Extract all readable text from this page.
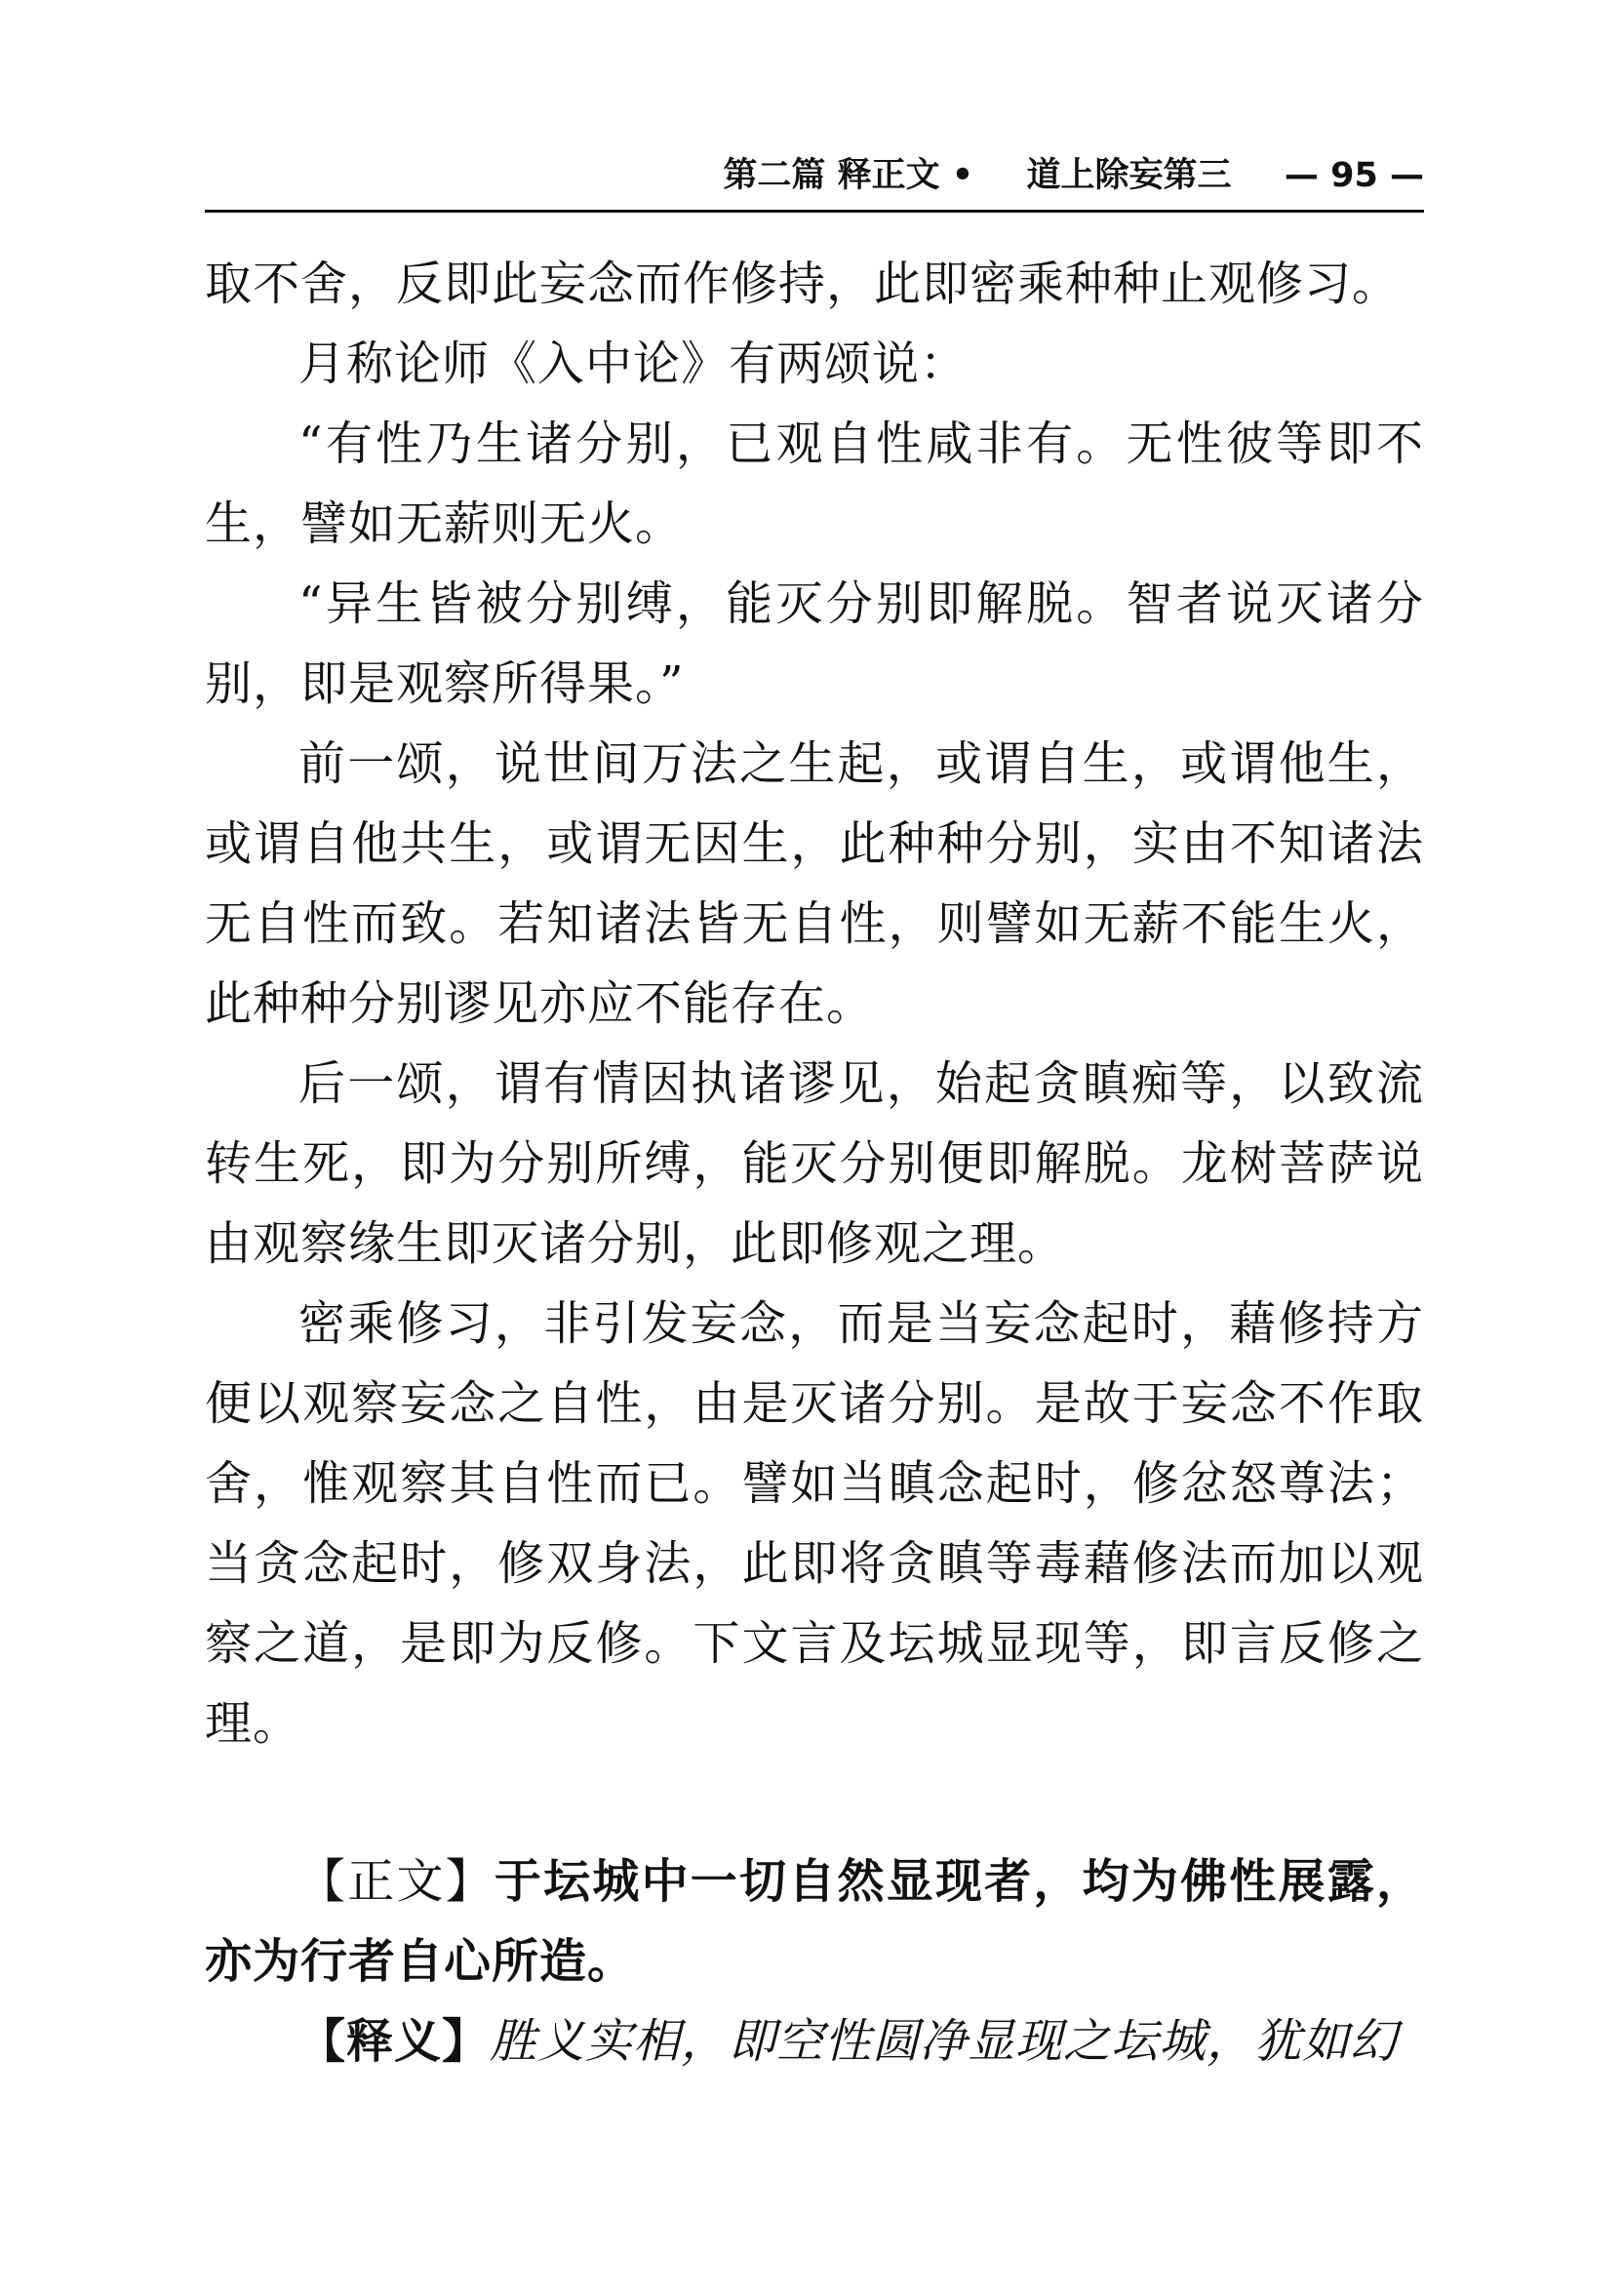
第二篇 释正文 • 道上除妄第三 — 95 —

取不舍，反即此妄念而作修持，此即密乘种种止观修习。

月称论师《入中论》有两颂说：

“有性乃生诸分别，已观自性咸非有。无性彼等即不生，譬如无薪则无火。

“异生皆被分别缚，能灭分别即解脱。智者说灭诸分别，即是观察所得果。”

前一颂，说世间万法之生起，或谓自生，或谓他生，或谓自他共生，或谓无因生，此种种分别，实由不知诸法无自性而致。若知诸法皆无自性，则譬如无薪不能生火，此种种分别谬见亦应不能存在。

后一颂，谓有情因执诸谬见，始起贪瞋痴等，以致流转生死，即为分别所缚，能灭分别便即解脱。龙树菩萨说由观察缘生即灭诸分别，此即修观之理。

密乘修习，非引发妄念，而是当妄念起时，藉修持方便以观察妄念之自性，由是灭诸分别。是故于妄念不作取舍，惟观察其自性而已。譬如当瞋念起时，修忿怒尊法；当贪念起时，修双身法，此即将贪瞋等毒藉修法而加以观察之道，是即为反修。下文言及坛城显现等，即言反修之理。

【正文】于坛城中一切自然显现者，均为佛性展露，亦为行者自心所造。

【释义】胜义实相，即空性圆净显现之坛城，犹如幻
